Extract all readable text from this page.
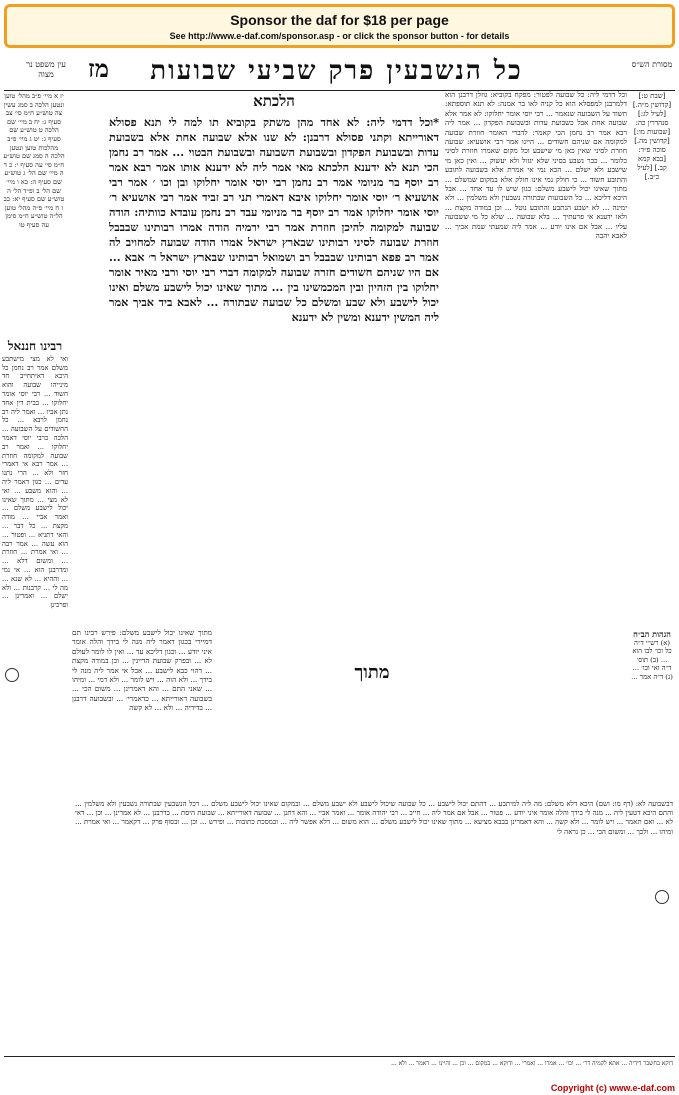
Sponsor the daf for $18 per page
See http://www.e-daf.com/sponsor.asp - or click the sponsor button - for details
מסורת הש״ס
כל הנשבעין פרק שביעי שבועות
מז
עין משפט נר מצוה
[שבת ט:] [קדושין מ״ה.] [לעיל לג:] סנהדרין כה: [שבועות מו:] [קדושין מה.] סוכה פ״ד: [בבא קמא קב.] [לעיל כ״ב.]
וכל דדמי ליה: כל שבועה לפטור: מפקח בקוביא: גוזלן דרבנן הוא דלמרבנן למפסלא הוא כל קניה לאו בר אמנה: לא תנא תוספתא: חשוד על השבועה שנאמר ... רבי יוסי אומר יחלוקו: לא אמר אלא שבועה אחת אבל כשבועת עדות ובשבועת הפקדון ... אמר ליה רבא אמר רב נחמן הכי קאמר: לדברי האומר חוזרת שבועה למקומה אם שניהם חשודים ... היינו אמר רבי אושעיא: שבועה חוזרת לסיני שאין כאן מי שישבע וכל מקום שאמרו חוזרת לסיני כלומר ... כבר נשבע בסיני שלא יגזול ולא יעשוק ... ואין כאן מי שישבע ולא ישלם ... הכא נמי אי אמרת אלא בשבועה לתובע והתובע חשוד ... כי חולק נמי אינו חולק אלא במקום שמשלם ... מתוך שאינו יכול לישבע משלם: כגון שיש לו עד אחד ... אבל היכא דליכא ... כל השבועות שבתורה נשבעין ולא משלמין ... ולא ימינה ... לא ישבע הנתבע והתובע נוטל ... וכן במודה מקצת ... ולאו ידענא אי פרעתיך ... בלא שבועה ... שלא כל מי ששבועה עליו ... אבל אם אינו יודע ... אמר ליה שמעתי שמת אביך ... לאבא יהבה
הלכתא
*וכל דדמי ליה: לא אחד מהן משתק בקוביא תו למה לי תנא פסולא דאורייתא וקתני פסולא דרבנן: לא שנו אלא שבועה אחת אלא בשבועת עדות ובשבועת הפקדון ובשבועת השבועה ובשבועת הבטוי ... אמר רב נחמן הכי תנא לא ידענא הלכתא מאי אמר ליה לא ידענא אותו אמר רבא אמר רב יוסף בר מניומי אמר רב נחמן רבי יוסי אומר יחלוקו ובן וכו ׳ אמר רבי אושעיא ר׳ יוסי אומר יחלוקו איבא דאמרי תני רב זביד אמר רבי אושעיא ר׳ יוסי אומר יחלוקו אמר רב יוסף בר מניומי עבד רב נחמן עובדא כוותיה: הודה שבועה למקומה להיכן חוזרת אמר רבי ירמיה הודה אמרו רבותינו שבבבל חוזרת שבועה לסיני רבותינו שבארץ ישראל אמרו הודה שבועה למחויב לה אמר רב פפא רבותינו שבבבל רב ושמואל רבותינו שבארץ ישראל ר׳ אבא ... אם היו שניהם חשודים חזרה שבועה למקומה דברי רבי יוסי ורבי מאיר אומר יחלוקו בין הזהיון ובין המכמשינו בין ... מתוך שאינו יכול לישבע משלם ואינו יכול לישבע ולא שבע ומשלם כל שבועה שבתורה ... לאבא ביד אביך אמר ליה המשין ידענא ומשין לא ידענא
מתוך
יז א מיי׳ פ״ב מהל׳ טוען ונטען הלכה ב סמג עשין צה טוש״ע ח״מ סי׳ צב סעיף ג: יח ב מיי׳ שם הלכה ט טוש״ע שם סעיף ג: יט ג מיי׳ פ״ב מהלכות טוען ונטען הלכה ה סמג שם טוש״ע ח״מ סי׳ עה סעיף י: כ ד ה מיי׳ שם הל׳ ג טוש״ע שם סעיף ה: כא ו מיי׳ שם הל׳ ב ופ״ד הל׳ ה טוש״ע שם סעיף יא: כב ז ח מיי׳ פ״ה מהל׳ טוען הל״ה טוש״ע ח״מ סימן עה סעיף טו
רבינו חננאל
ואי לא מצי מישתבע משלם אמר רב נחמן כל היכא דאיתחייב חד מינייהו שבועה והוא חשוד ... רבי יוסי אומר יחלוקו ... בבית דין אחד נתן אביו ... ואמר ליה רב נחמן לרבא ... כל החשודים על השבועה ... הלכה כרבי יוסי דאמר יחלוקו ... ואמר רב שבועה למקומה חוזרת ... אמר רבא אי דאמרי חזר ולא ... הרי נתנו עדים ... כגון דאמר ליה ... והוא משבע ... ואי לא מצי ... מתוך שאינו יכול לישבע משלם ... ואמר אביי ... מודה מקצת ... כל דבר ... והאי דתניא ... ופטור ... הוא עשה ... אמר רבה ... ואי אמרת ... חוזרת ... ומשום דלא ... ומדרבנן הוא ... אי נמי ... וההיא ... לא שנא ... מה לי ... קרבנות ... ולא ישלם ... ואמרינן ... ופרכינן
מתוך שאינו יכול לישבע משלם: פירש רבינו תם דמיירי בכגון דאמר ליה מנה לי בידך והלה אומר איני יודע ... וכגון דליכא עד ... ואין לו לומר לעולם לא ... ובפרק שבועת הדיינין ... וכן במודה מקצת ... דהוי כבא לישבע ... אבל אי אמר ליה מנה לי בידך ... ולא הוה ... ויש לומר ... ולא דמי ... ומיהו ... שאני התם ... והא דאמרינן ... משום הכי ... בשבועה דאורייתא ... כדאמרי׳ ... ובשבועה דרבנן ... בדידיה ... ולא ... לא קשה
הגהות הב״ח
(א) רש״י ד״ה כל וכו׳ לבו הוא ... (ב) תוס׳ ד״ה ואי וכו׳ ... (ג) ד״ה אמר ...
דבשבועה לא: (דף מו: ושם) היכא דלא משלם: מה ליה למיתבע ... דהתם יכול לישבע ... כל שבועה שיכול לישבע ולא ישבע משלם ... ובמקום שאינו יכול לישבע משלם ... דכל הנשבעין שבתורה נשבעין ולא משלמין ... והתם היכא דטעין ליה ... מנה לי בידך והלה אומר איני יודע ... פטור ... אבל אם אמר ליה ... חייב ... רבי יהודה אומר ... ואמר אביי ... והא דתנן ... שבועה דאורייתא ... שבועת היסת ... בדרבנן ... לא אמרינן ... וכן ... דאי לא ... ואם תאמר ... ויש לומר ... ולא קשה ... והא דאמרינן בבבא מציעא ... מתוך שאינו יכול לישבע משלם ... הוא משום ... דלא אפשר ליה ... ובמסכת כתובות ... ופירש ... וכן ... ובסוף פרק ... דקאמר ... ואי אמרת ... ומיהו ... ולכך ... ומשום הכי ... כן נראה לי
דוקא בחשבר דידיה ... אתא לקמיה דר׳ ... וכו׳ ... אמרו ... ואמרי ... ודוקא ... במקום ... וכן ... והיינו ... דאמר ... ולא ...
Copyright (c) www.e-daf.com
